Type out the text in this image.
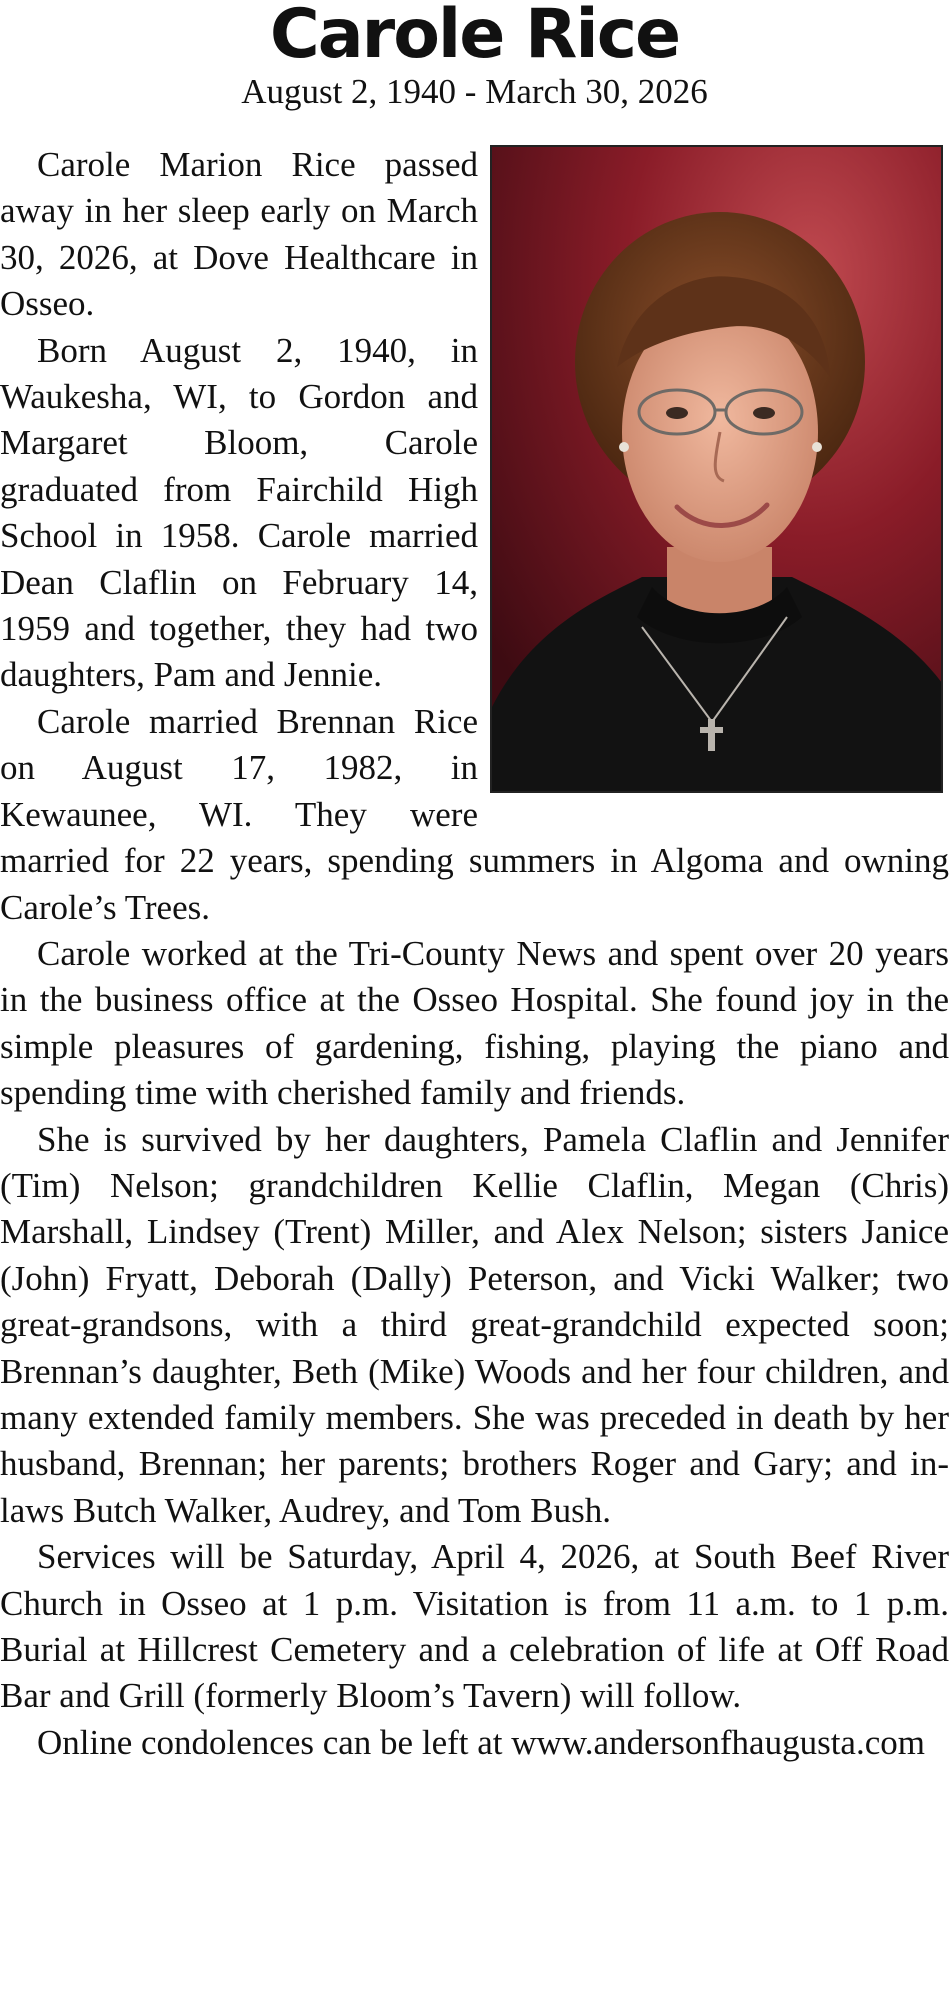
Carole Rice
August 2, 1940 - March 30, 2026

Carole Marion Rice passed away in her sleep early on March 30, 2026, at Dove Healthcare in Osseo.

Born August 2, 1940, in Waukesha, WI, to Gordon and Margaret Bloom, Carole graduated from Fairchild High School in 1958. Carole married Dean Claflin on February 14, 1959 and together, they had two daughters, Pam and Jennie.

Carole married Brennan Rice on August 17, 1982, in Kewaunee, WI. They were married for 22 years, spending summers in Algoma and owning Carole’s Trees.

Carole worked at the Tri-County News and spent over 20 years in the business office at the Osseo Hospital. She found joy in the simple pleasures of gardening, fishing, playing the piano and spending time with cherished family and friends.

She is survived by her daughters, Pamela Claflin and Jennifer (Tim) Nelson; grandchildren Kellie Claflin, Megan (Chris) Marshall, Lindsey (Trent) Miller, and Alex Nelson; sisters Janice (John) Fryatt, Deborah (Dally) Peterson, and Vicki Walker; two great-grandsons, with a third great-grandchild expected soon; Brennan’s daughter, Beth (Mike) Woods and her four children, and many extended family members. She was preceded in death by her husband, Brennan; her parents; brothers Roger and Gary; and in-laws Butch Walker, Audrey, and Tom Bush.

Services will be Saturday, April 4, 2026, at South Beef River Church in Osseo at 1 p.m. Visitation is from 11 a.m. to 1 p.m. Burial at Hillcrest Cemetery and a celebration of life at Off Road Bar and Grill (formerly Bloom’s Tavern) will follow.

Online condolences can be left at www.andersonfhaugusta.com
